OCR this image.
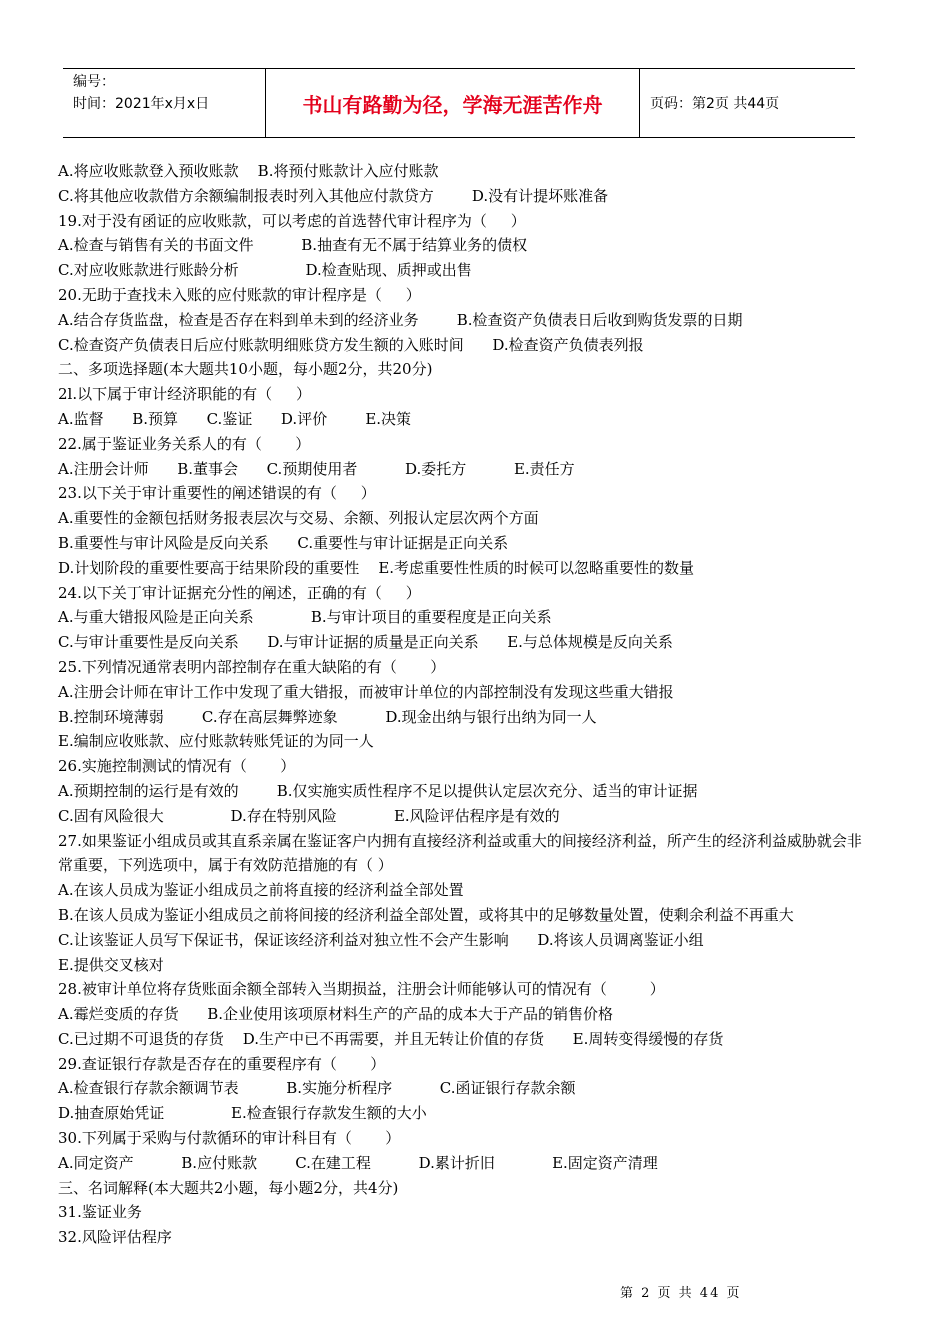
编号：
时间：2021年x月x日	书山有路勤为径，学海无涯苦作舟	页码：第2页 共44页
A.将应收账款登入预收账款    B.将预付账款计入应付账款
C.将其他应收款借方余额编制报表时列入其他应付款贷方        D.没有计提坏账准备
19.对于没有函证的应收账款，可以考虑的首选替代审计程序为（     ）
A.检查与销售有关的书面文件          B.抽查有无不属于结算业务的债权
C.对应收账款进行账龄分析              D.检查贴现、质押或出售
20.无助于查找未入账的应付账款的审计程序是（     ）
A.结合存货监盘，检查是否存在料到单未到的经济业务        B.检查资产负债表日后收到购货发票的日期
C.检查资产负债表日后应付账款明细账贷方发生额的入账时间      D.检查资产负债表列报
二、多项选择题(本大题共10小题，每小题2分，共20分)
2l.以下属于审计经济职能的有（     ）
A.监督      B.预算      C.鉴证      D.评价        E.决策
22.属于鉴证业务关系人的有（       ）
A.注册会计师      B.董事会      C.预期使用者          D.委托方          E.责任方
23.以下关于审计重要性的阐述错误的有（     ）
A.重要性的金额包括财务报表层次与交易、余额、列报认定层次两个方面
B.重要性与审计风险是反向关系      C.重要性与审计证据是正向关系
D.计划阶段的重要性要高于结果阶段的重要性    E.考虑重要性性质的时候可以忽略重要性的数量
24.以下关丁审计证据充分性的阐述，正确的有（     ）
A.与重大错报风险是正向关系            B.与审计项目的重要程度是正向关系
C.与审计重要性是反向关系      D.与审计证据的质量是正向关系      E.与总体规模是反向关系
25.下列情况通常表明内部控制存在重大缺陷的有（       ）
A.注册会计师在审计工作中发现了重大错报，而被审计单位的内部控制没有发现这些重大错报
B.控制环境薄弱        C.存在高层舞弊迹象          D.现金出纳与银行出纳为同一人
E.编制应收账款、应付账款转账凭证的为同一人
26.实施控制测试的情况有（       ）
A.预期控制的运行是有效的        B.仅实施实质性程序不足以提供认定层次充分、适当的审计证据
C.固有风险很大              D.存在特别风险            E.风险评估程序是有效的
27.如果鉴证小组成员或其直系亲属在鉴证客户内拥有直接经济利益或重大的间接经济利益，所产生的经济利益威胁就会非常重要，下列选项中，属于有效防范措施的有（ ）
A.在该人员成为鉴证小组成员之前将直接的经济利益全部处置
B.在该人员成为鉴证小组成员之前将间接的经济利益全部处置，或将其中的足够数量处置，使剩余利益不再重大
C.让该鉴证人员写下保证书，保证该经济利益对独立性不会产生影响      D.将该人员调离鉴证小组
E.提供交叉核对
28.被审计单位将存货账面余额全部转入当期损益，注册会计师能够认可的情况有（         ）
A.霉烂变质的存货      B.企业使用该项原材料生产的产品的成本大于产品的销售价格
C.已过期不可退货的存货    D.生产中已不再需要，并且无转让价值的存货      E.周转变得缓慢的存货
29.查证银行存款是否存在的重要程序有（       ）
A.检查银行存款余额调节表          B.实施分析程序          C.函证银行存款余额
D.抽查原始凭证              E.检查银行存款发生额的大小
30.下列属于采购与付款循环的审计科目有（       ）
A.同定资产          B.应付账款        C.在建工程          D.累计折旧            E.固定资产清理
三、名词解释(本大题共2小题，每小题2分，共4分)
31.鉴证业务
32.风险评估程序
第 2 页 共 44 页
